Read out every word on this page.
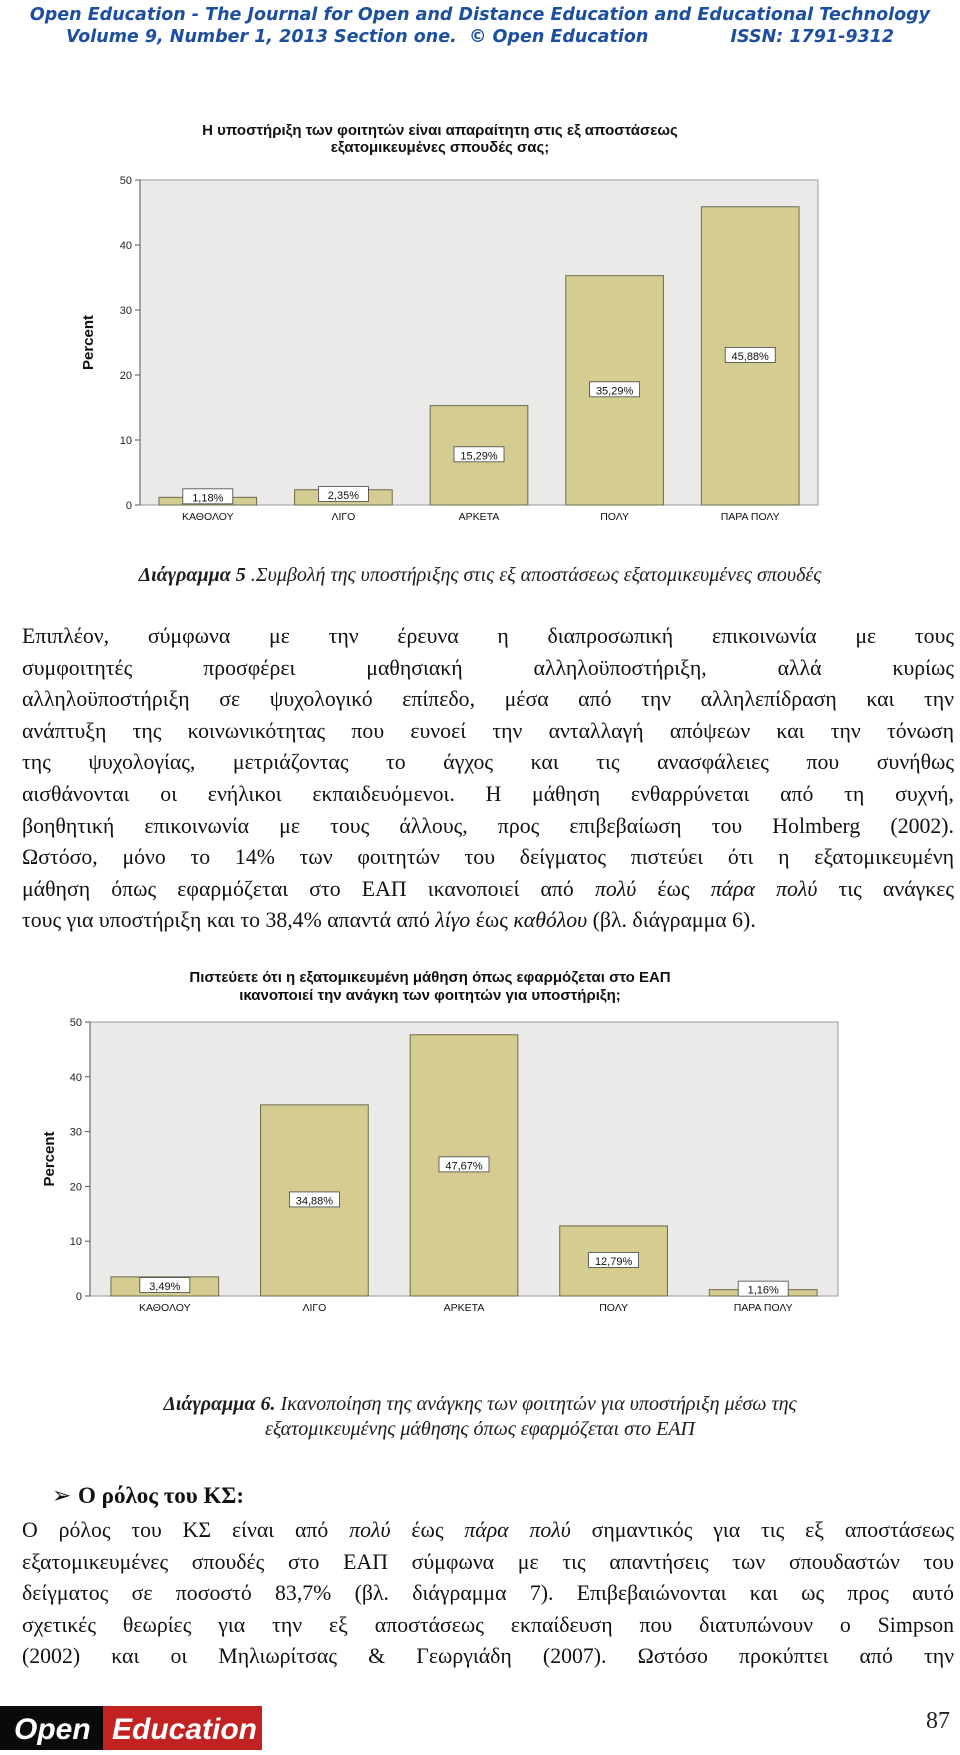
Open Education - The Journal for Open and Distance Education and Educational Technology
Volume 9, Number 1, 2013 Section one. © Open Education	ISSN: 1791-9312
Η υποστήριξη των φοιτητών είναι απαραίτητη στις εξ αποστάσεως
εξατομικευμένες σπουδές σας;
0
10
20
30
40
50
Percent
1,18%
ΚΑΘΟΛΟΥ
2,35%
ΛΙΓΟ
15,29%
ΑΡΚΕΤΑ
35,29%
ΠΟΛΥ
45,88%
ΠΑΡΑ ΠΟΛΥ
Διάγραμμα 5 .Συμβολή της υποστήριξης στις εξ αποστάσεως εξατομικευμένες σπουδές
Επιπλέον, σύμφωνα με την έρευνα η διαπροσωπική επικοινωνία με τους
συμφοιτητές προσφέρει μαθησιακή αλληλοϋποστήριξη, αλλά κυρίως
αλληλοϋποστήριξη σε ψυχολογικό επίπεδο, μέσα από την αλληλεπίδραση και την
ανάπτυξη της κοινωνικότητας που ευνοεί την ανταλλαγή απόψεων και την τόνωση
της ψυχολογίας, μετριάζοντας το άγχος και τις ανασφάλειες που συνήθως
αισθάνονται οι ενήλικοι εκπαιδευόμενοι. Η μάθηση ενθαρρύνεται από τη συχνή,
βοηθητική επικοινωνία με τους άλλους, προς επιβεβαίωση του Holmberg (2002).
Ωστόσο, μόνο το 14% των φοιτητών του δείγματος πιστεύει ότι η εξατομικευμένη
μάθηση όπως εφαρμόζεται στο ΕΑΠ ικανοποιεί από πολύ έως πάρα πολύ τις ανάγκες
τους για υποστήριξη και το 38,4% απαντά από λίγο έως καθόλου (βλ. διάγραμμα 6).
Πιστεύετε ότι η εξατομικευμένη μάθηση όπως εφαρμόζεται στο ΕΑΠ
ικανοποιεί την ανάγκη των φοιτητών για υποστήριξη;
0
10
20
30
40
50
Percent
3,49%
ΚΑΘΟΛΟΥ
34,88%
ΛΙΓΟ
47,67%
ΑΡΚΕΤΑ
12,79%
ΠΟΛΥ
1,16%
ΠΑΡΑ ΠΟΛΥ
Διάγραμμα 6. Ικανοποίηση της ανάγκης των φοιτητών για υποστήριξη μέσω της
εξατομικευμένης μάθησης όπως εφαρμόζεται στο ΕΑΠ
➢ Ο ρόλος του ΚΣ:
Ο ρόλος του ΚΣ είναι από πολύ έως πάρα πολύ σημαντικός για τις εξ αποστάσεως
εξατομικευμένες σπουδές στο ΕΑΠ σύμφωνα με τις απαντήσεις των σπουδαστών του
δείγματος σε ποσοστό 83,7% (βλ. διάγραμμα 7). Επιβεβαιώνονται και ως προς αυτό
σχετικές θεωρίες για την εξ αποστάσεως εκπαίδευση που διατυπώνουν ο Simpson
(2002) και οι Μηλιωρίτσας & Γεωργιάδη (2007). Ωστόσο προκύπτει από την
Open Education	87
